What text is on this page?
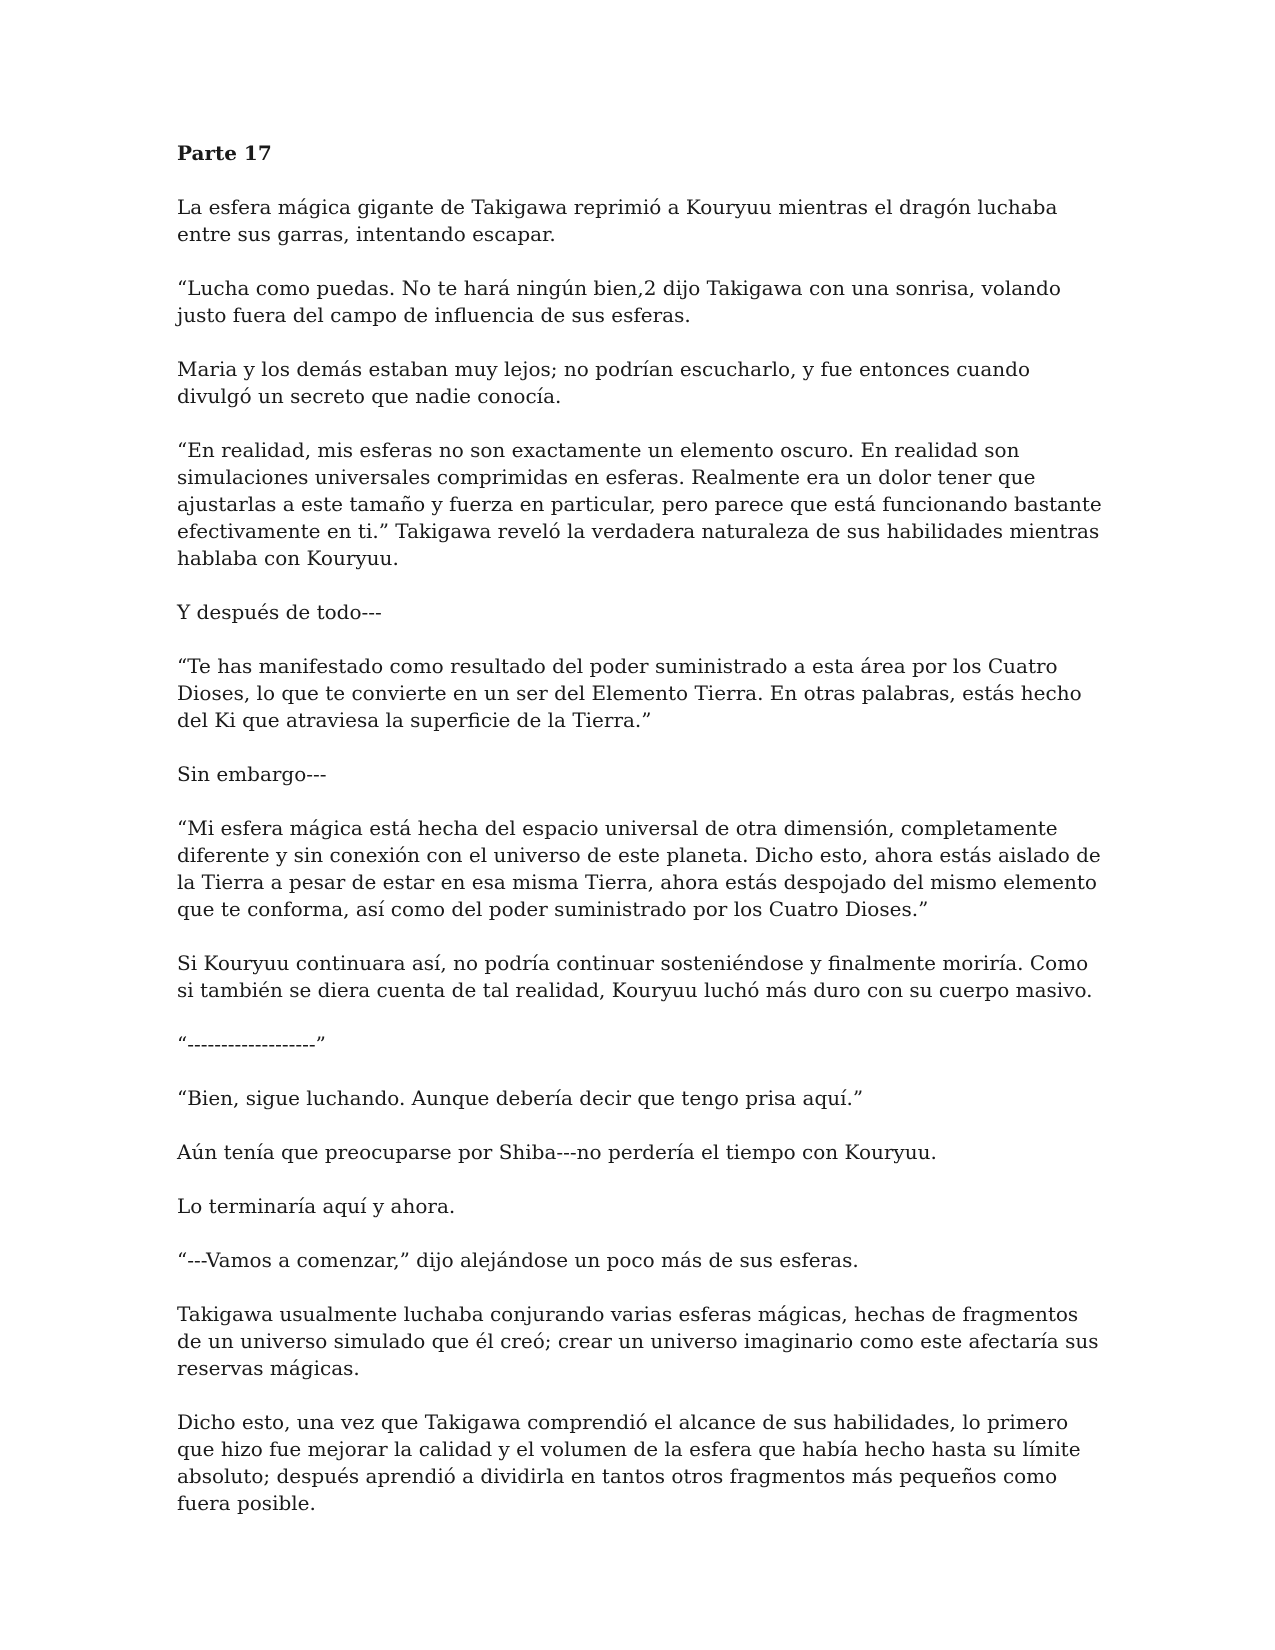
Parte 17

La esfera mágica gigante de Takigawa reprimió a Kouryuu mientras el dragón luchaba entre sus garras, intentando escapar.

“Lucha como puedas. No te hará ningún bien,2 dijo Takigawa con una sonrisa, volando justo fuera del campo de influencia de sus esferas.

Maria y los demás estaban muy lejos; no podrían escucharlo, y fue entonces cuando divulgó un secreto que nadie conocía.

“En realidad, mis esferas no son exactamente un elemento oscuro. En realidad son simulaciones universales comprimidas en esferas. Realmente era un dolor tener que ajustarlas a este tamaño y fuerza en particular, pero parece que está funcionando bastante efectivamente en ti.” Takigawa reveló la verdadera naturaleza de sus habilidades mientras hablaba con Kouryuu.

Y después de todo---

“Te has manifestado como resultado del poder suministrado a esta área por los Cuatro Dioses, lo que te convierte en un ser del Elemento Tierra. En otras palabras, estás hecho del Ki que atraviesa la superficie de la Tierra.”

Sin embargo---

“Mi esfera mágica está hecha del espacio universal de otra dimensión, completamente diferente y sin conexión con el universo de este planeta. Dicho esto, ahora estás aislado de la Tierra a pesar de estar en esa misma Tierra, ahora estás despojado del mismo elemento que te conforma, así como del poder suministrado por los Cuatro Dioses.”

Si Kouryuu continuara así, no podría continuar sosteniéndose y finalmente moriría. Como si también se diera cuenta de tal realidad, Kouryuu luchó más duro con su cuerpo masivo.

“-------------------”

“Bien, sigue luchando. Aunque debería decir que tengo prisa aquí.”

Aún tenía que preocuparse por Shiba---no perdería el tiempo con Kouryuu.

Lo terminaría aquí y ahora.

“---Vamos a comenzar,” dijo alejándose un poco más de sus esferas.

Takigawa usualmente luchaba conjurando varias esferas mágicas, hechas de fragmentos de un universo simulado que él creó; crear un universo imaginario como este afectaría sus reservas mágicas.

Dicho esto, una vez que Takigawa comprendió el alcance de sus habilidades, lo primero que hizo fue mejorar la calidad y el volumen de la esfera que había hecho hasta su límite absoluto; después aprendió a dividirla en tantos otros fragmentos más pequeños como fuera posible.
